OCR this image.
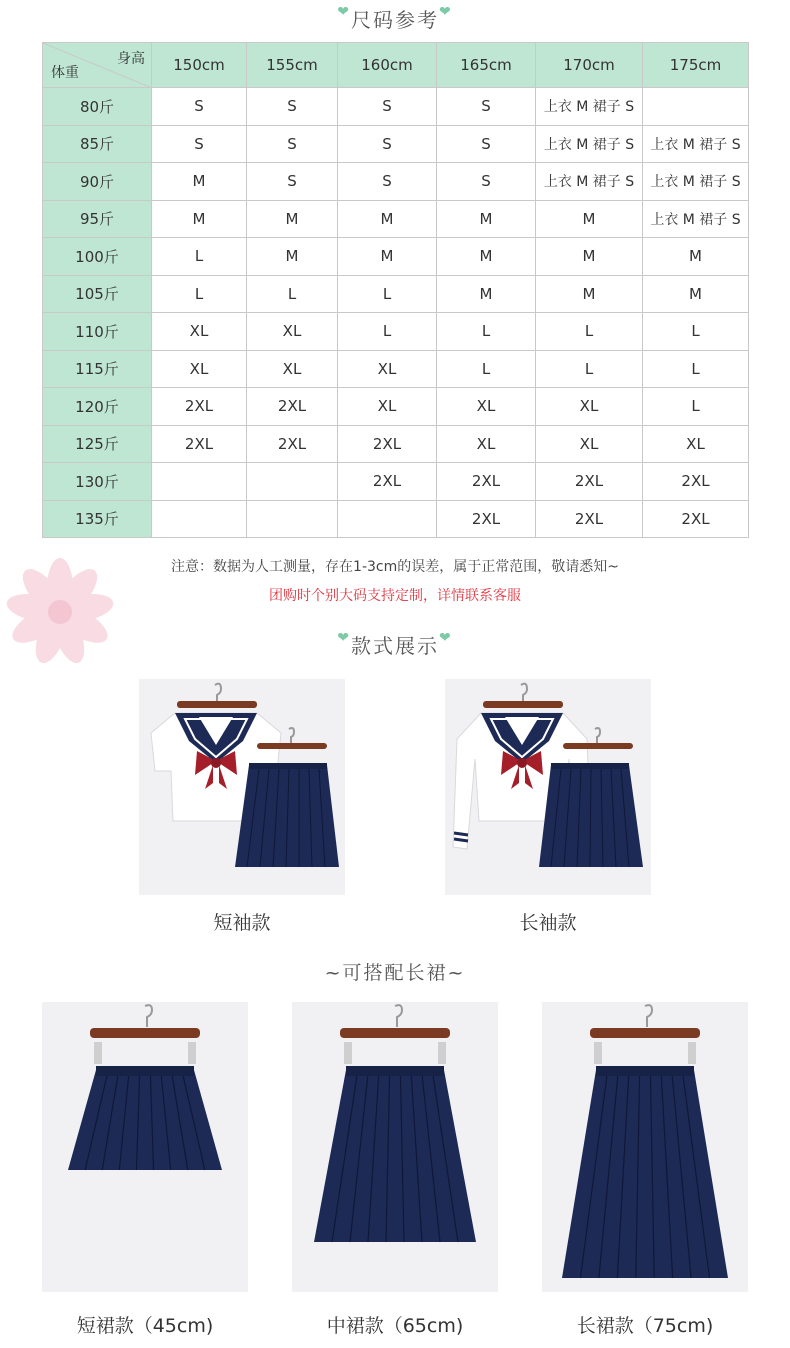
❤尺码参考❤
身高
体重	150cm	155cm	160cm	165cm	170cm	175cm
80斤	S	S	S	S	上衣 M 裙子 S	
85斤	S	S	S	S	上衣 M 裙子 S	上衣 M 裙子 S
90斤	M	S	S	S	上衣 M 裙子 S	上衣 M 裙子 S
95斤	M	M	M	M	M	上衣 M 裙子 S
100斤	L	M	M	M	M	M
105斤	L	L	L	M	M	M
110斤	XL	XL	L	L	L	L
115斤	XL	XL	XL	L	L	L
120斤	2XL	2XL	XL	XL	XL	L
125斤	2XL	2XL	2XL	XL	XL	XL
130斤			2XL	2XL	2XL	2XL
135斤				2XL	2XL	2XL
注意：数据为人工测量，存在1-3cm的误差，属于正常范围，敬请悉知~
团购时个别大码支持定制，详情联系客服
❤款式展示❤
短袖款	长袖款
~可搭配长裙~
短裙款（45cm)	中裙款（65cm)	长裙款（75cm)
